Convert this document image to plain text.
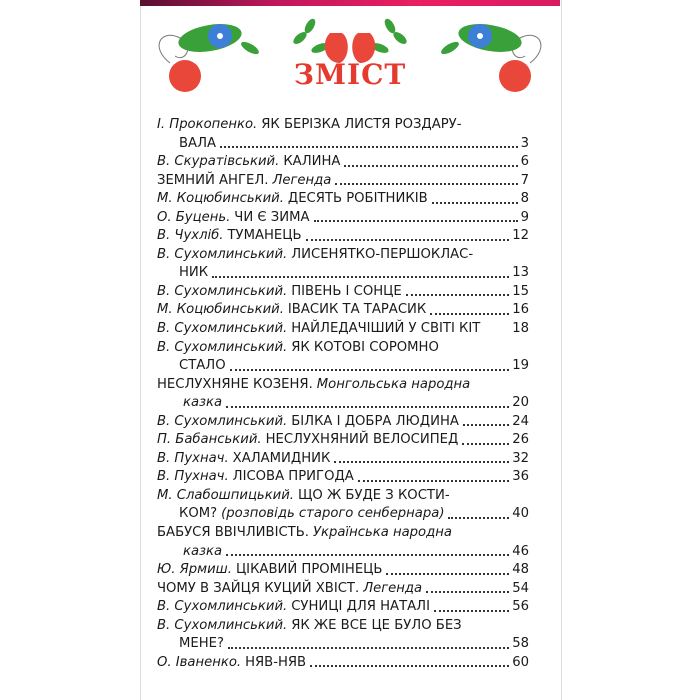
ЗМІСТ
І. Прокопенко. ЯК БЕРІЗКА ЛИСТЯ РОЗДАРУ-
ВАЛА	3
В. Скуратівський. КАЛИНА	6
ЗЕМНИЙ АНГЕЛ. Легенда	7
М. Коцюбинський. ДЕСЯТЬ РОБІТНИКІВ	8
О. Буцень. ЧИ Є ЗИМА	9
В. Чухліб. ТУМАНЕЦЬ	12
В. Сухомлинський. ЛИСЕНЯТКО-ПЕРШОКЛАС-
НИК	13
В. Сухомлинський. ПІВЕНЬ І СОНЦЕ	15
М. Коцюбинський. ІВАСИК ТА ТАРАСИК	16
В. Сухомлинський. НАЙЛЕДАЧІШИЙ У СВІТІ КІТ 18
В. Сухомлинський. ЯК КОТОВІ СОРОМНО
СТАЛО	19
НЕСЛУХНЯНЕ КОЗЕНЯ. Монгольська народна
казка	20
В. Сухомлинський. БІЛКА І ДОБРА ЛЮДИНА	24
П. Бабанський. НЕСЛУХНЯНИЙ ВЕЛОСИПЕД	26
В. Пухнач. ХАЛАМИДНИК	32
В. Пухнач. ЛІСОВА ПРИГОДА	36
М. Слабошпицький. ЩО Ж БУДЕ З КОСТИ-
КОМ? (розповідь старого сенбернара)	40
БАБУСЯ ВВІЧЛИВІСТЬ. Українська народна
казка	46
Ю. Ярмиш. ЦІКАВИЙ ПРОМІНЕЦЬ	48
ЧОМУ В ЗАЙЦЯ КУЦИЙ ХВІСТ. Легенда	54
В. Сухомлинський. СУНИЦІ ДЛЯ НАТАЛІ	56
В. Сухомлинський. ЯК ЖЕ ВСЕ ЦЕ БУЛО БЕЗ
МЕНЕ?	58
О. Іваненко. НЯВ-НЯВ	60
